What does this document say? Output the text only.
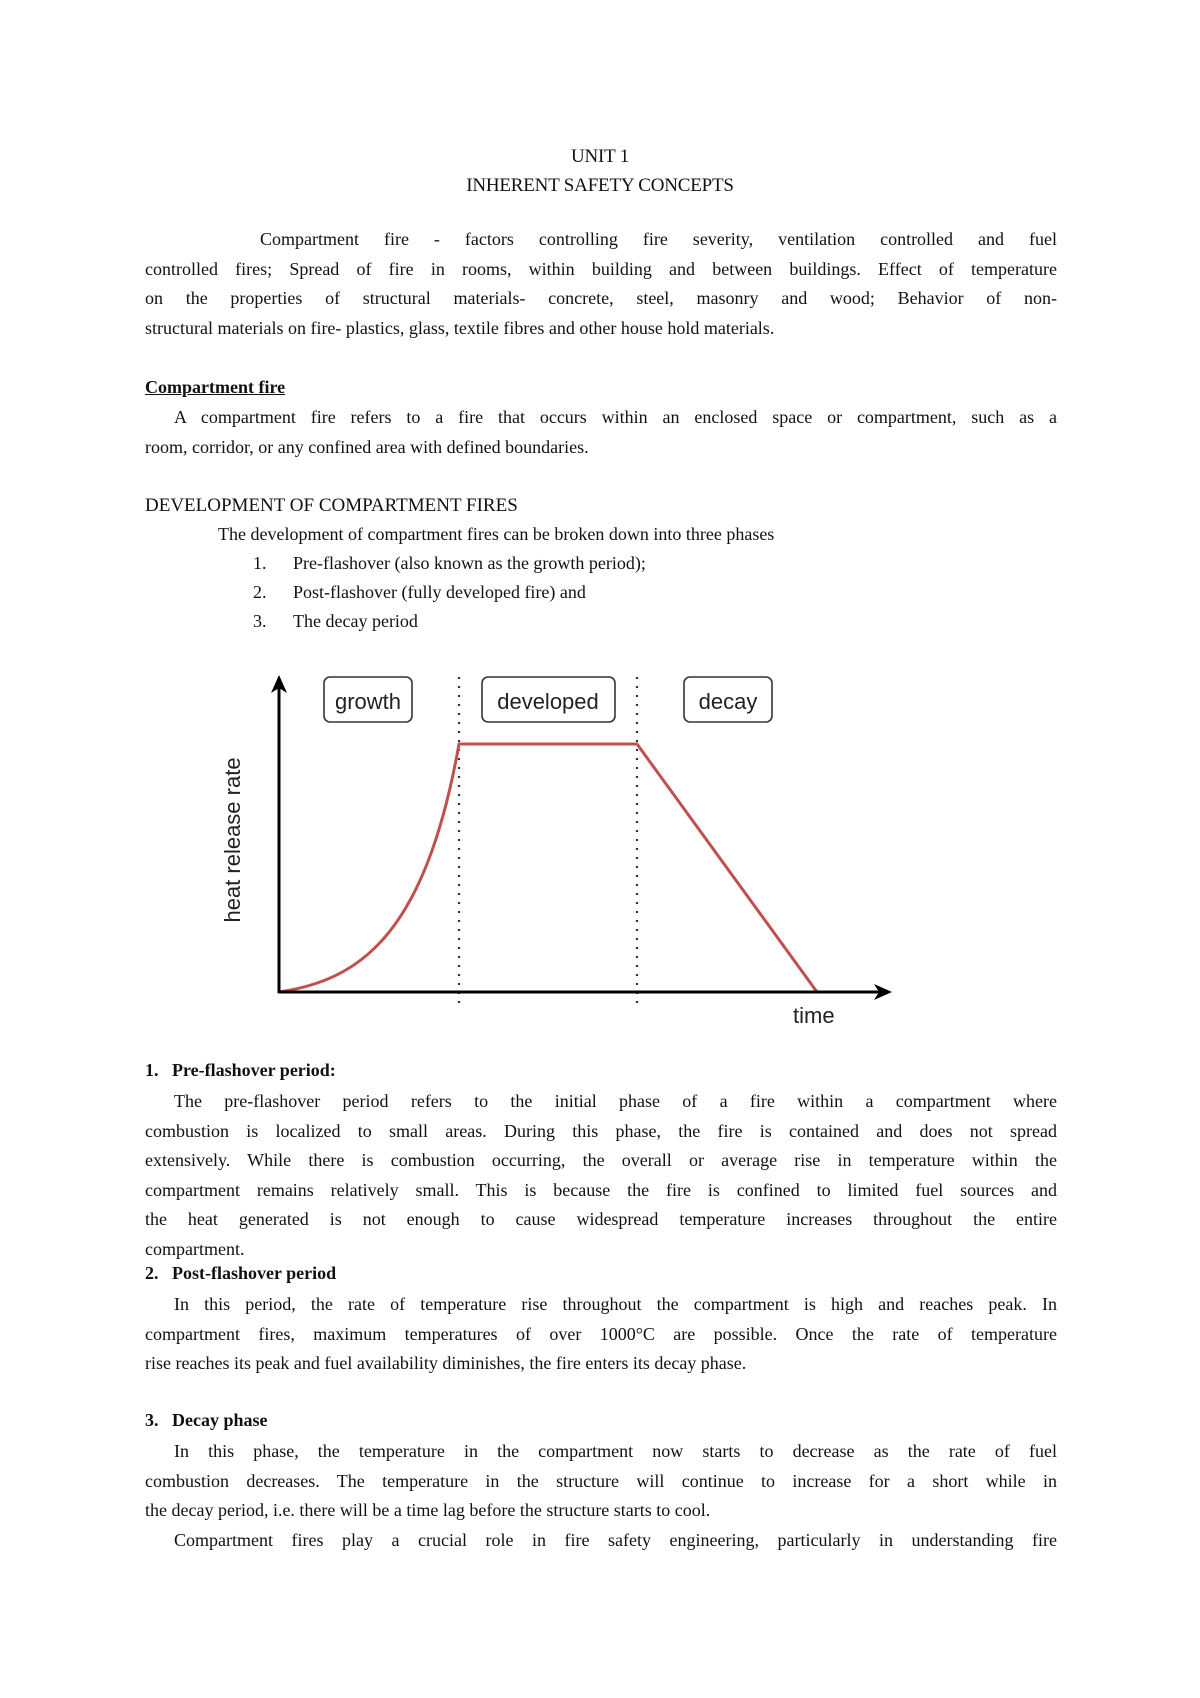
UNIT 1
INHERENT SAFETY CONCEPTS
Compartment fire - factors controlling fire severity, ventilation controlled and fuel
controlled fires; Spread of fire in rooms, within building and between buildings. Effect of temperature
on the properties of structural materials- concrete, steel, masonry and wood; Behavior of non-
structural materials on fire- plastics, glass, textile fibres and other house hold materials.
Compartment fire
A compartment fire refers to a fire that occurs within an enclosed space or compartment, such as a
room, corridor, or any confined area with defined boundaries.
DEVELOPMENT OF COMPARTMENT FIRES
The development of compartment fires can be broken down into three phases
1. Pre-flashover (also known as the growth period);
2. Post-flashover (fully developed fire) and
3. The decay period
growth	developed	decay
heat release rate
time
1. Pre-flashover period:
The pre-flashover period refers to the initial phase of a fire within a compartment where
combustion is localized to small areas. During this phase, the fire is contained and does not spread
extensively. While there is combustion occurring, the overall or average rise in temperature within the
compartment remains relatively small. This is because the fire is confined to limited fuel sources and
the heat generated is not enough to cause widespread temperature increases throughout the entire
compartment.
2. Post-flashover period
In this period, the rate of temperature rise throughout the compartment is high and reaches peak. In
compartment fires, maximum temperatures of over 1000°C are possible. Once the rate of temperature
rise reaches its peak and fuel availability diminishes, the fire enters its decay phase.
3. Decay phase
In this phase, the temperature in the compartment now starts to decrease as the rate of fuel
combustion decreases. The temperature in the structure will continue to increase for a short while in
the decay period, i.e. there will be a time lag before the structure starts to cool.
Compartment fires play a crucial role in fire safety engineering, particularly in understanding fire
